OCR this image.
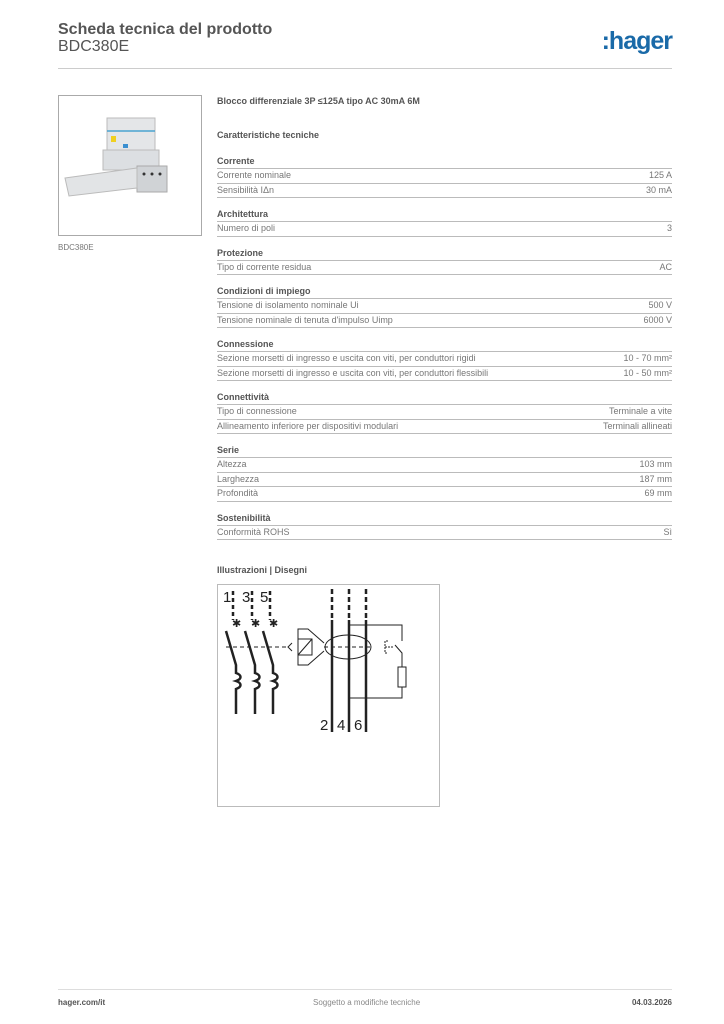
Scheda tecnica del prodotto
BDC380E	:hager
BDC380E
Blocco differenziale 3P ≤125A tipo AC 30mA 6M
Caratteristiche tecniche
Corrente
Corrente nominale	125 A
Sensibilità IΔn	30 mA
Architettura
Numero di poli	3
Protezione
Tipo di corrente residua	AC
Condizioni di impiego
Tensione di isolamento nominale Ui	500 V
Tensione nominale di tenuta d'impulso Uimp	6000 V
Connessione
Sezione morsetti di ingresso e uscita con viti, per conduttori rigidi	10 - 70 mm²
Sezione morsetti di ingresso e uscita con viti, per conduttori flessibili	10 - 50 mm²
Connettività
Tipo di connessione	Terminale a vite
Allineamento inferiore per dispositivi modulari	Terminali allineati
Serie
Altezza	103 mm
Larghezza	187 mm
Profondità	69 mm
Sostenibilità
Conformità ROHS	Sì
Illustrazioni | Disegni
1 3 5
2 4 6
✱ ✱ ✱
hager.com/it	Soggetto a modifiche tecniche	04.03.2026
